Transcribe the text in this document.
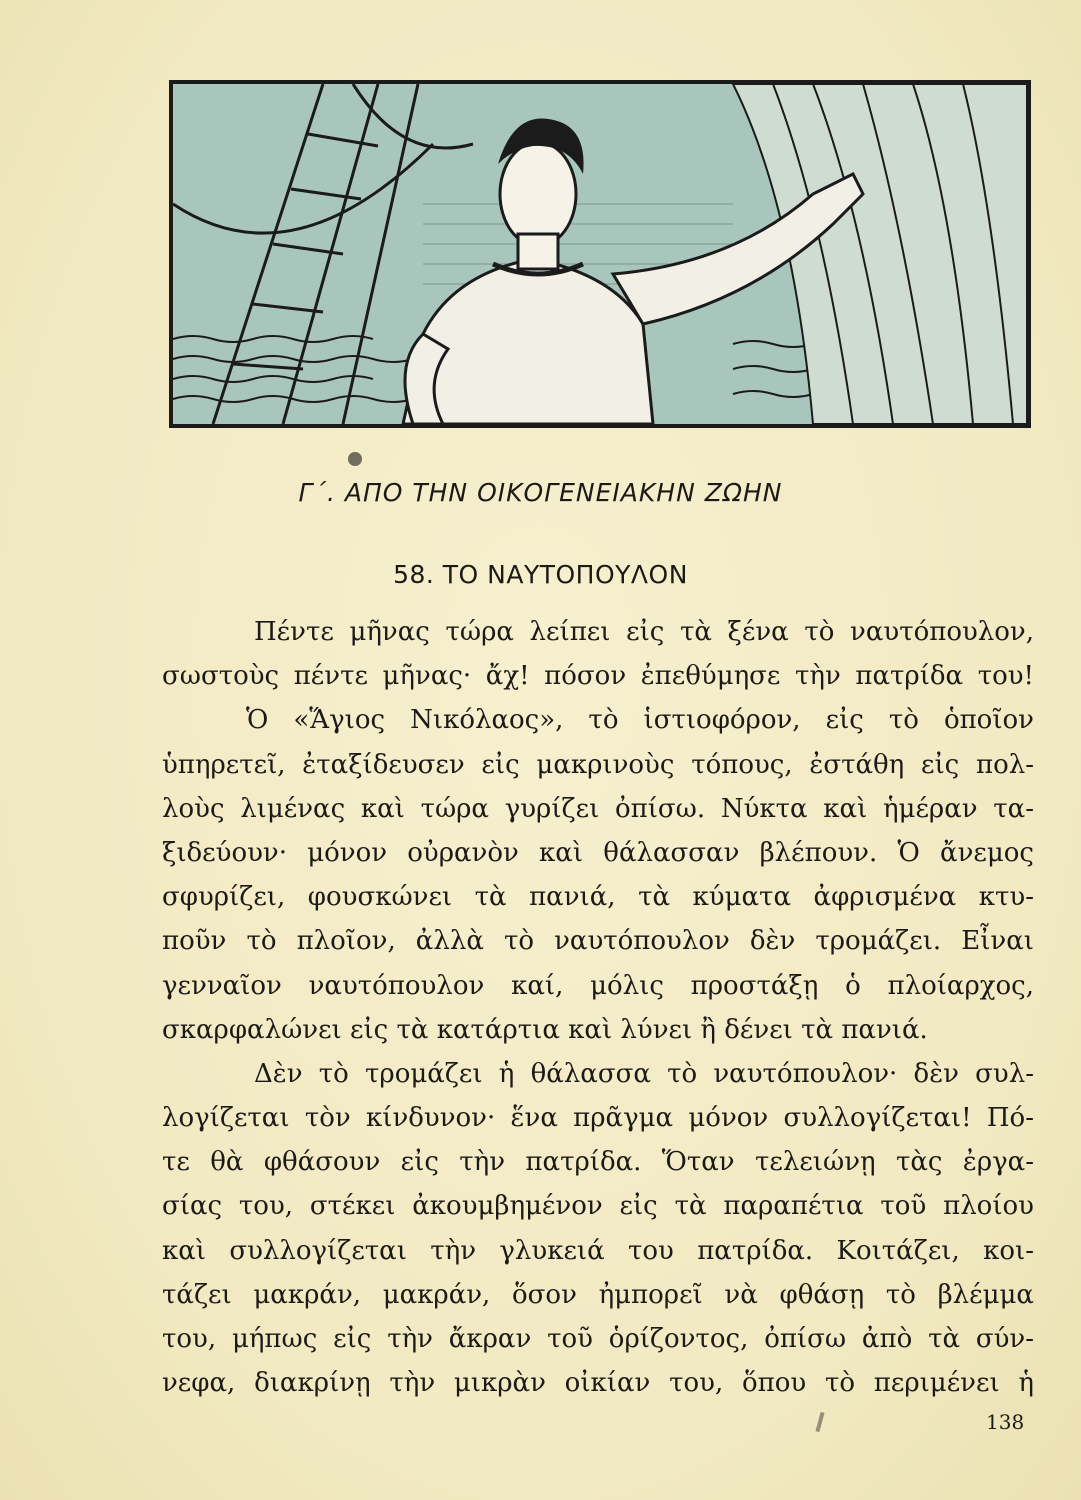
Γ΄. ΑΠΟ ΤΗΝ ΟΙΚΟΓΕΝΕΙΑΚΗΝ ΖΩΗΝ
58. ΤΟ ΝΑΥΤΟΠΟΥΛΟΝ
Πέντε μῆνας τώρα λείπει εἰς τὰ ξένα τὸ ναυτόπουλον,
σωστοὺς πέντε μῆνας· ἄχ! πόσον ἐπεθύμησε τὴν πατρίδα του!
Ὁ «Ἅγιος Νικόλαος», τὸ ἱστιοφόρον, εἰς τὸ ὁποῖον
ὑπηρετεῖ, ἐταξίδευσεν εἰς μακρινοὺς τόπους, ἐστάθη εἰς πολ-
λοὺς λιμένας καὶ τώρα γυρίζει ὀπίσω. Νύκτα καὶ ἡμέραν τα-
ξιδεύουν· μόνον οὐρανὸν καὶ θάλασσαν βλέπουν. Ὁ ἄνεμος
σφυρίζει, φουσκώνει τὰ πανιά, τὰ κύματα ἀφρισμένα κτυ-
ποῦν τὸ πλοῖον, ἀλλὰ τὸ ναυτόπουλον δὲν τρομάζει. Εἶναι
γενναῖον ναυτόπουλον καί, μόλις προστάξῃ ὁ πλοίαρχος,
σκαρφαλώνει εἰς τὰ κατάρτια καὶ λύνει ἢ δένει τὰ πανιά.
Δὲν τὸ τρομάζει ἡ θάλασσα τὸ ναυτόπουλον· δὲν συλ-
λογίζεται τὸν κίνδυνον· ἕνα πρᾶγμα μόνον συλλογίζεται! Πό-
τε θὰ φθάσουν εἰς τὴν πατρίδα. Ὅταν τελειώνῃ τὰς ἐργα-
σίας του, στέκει ἀκουμβημένον εἰς τὰ παραπέτια τοῦ πλοίου
καὶ συλλογίζεται τὴν γλυκειά του πατρίδα. Κοιτάζει, κοι-
τάζει μακράν, μακράν, ὅσον ἠμπορεῖ νὰ φθάσῃ τὸ βλέμμα
του, μήπως εἰς τὴν ἄκραν τοῦ ὁρίζοντος, ὀπίσω ἀπὸ τὰ σύν-
νεφα, διακρίνῃ τὴν μικρὰν οἰκίαν του, ὅπου τὸ περιμένει ἡ
138
